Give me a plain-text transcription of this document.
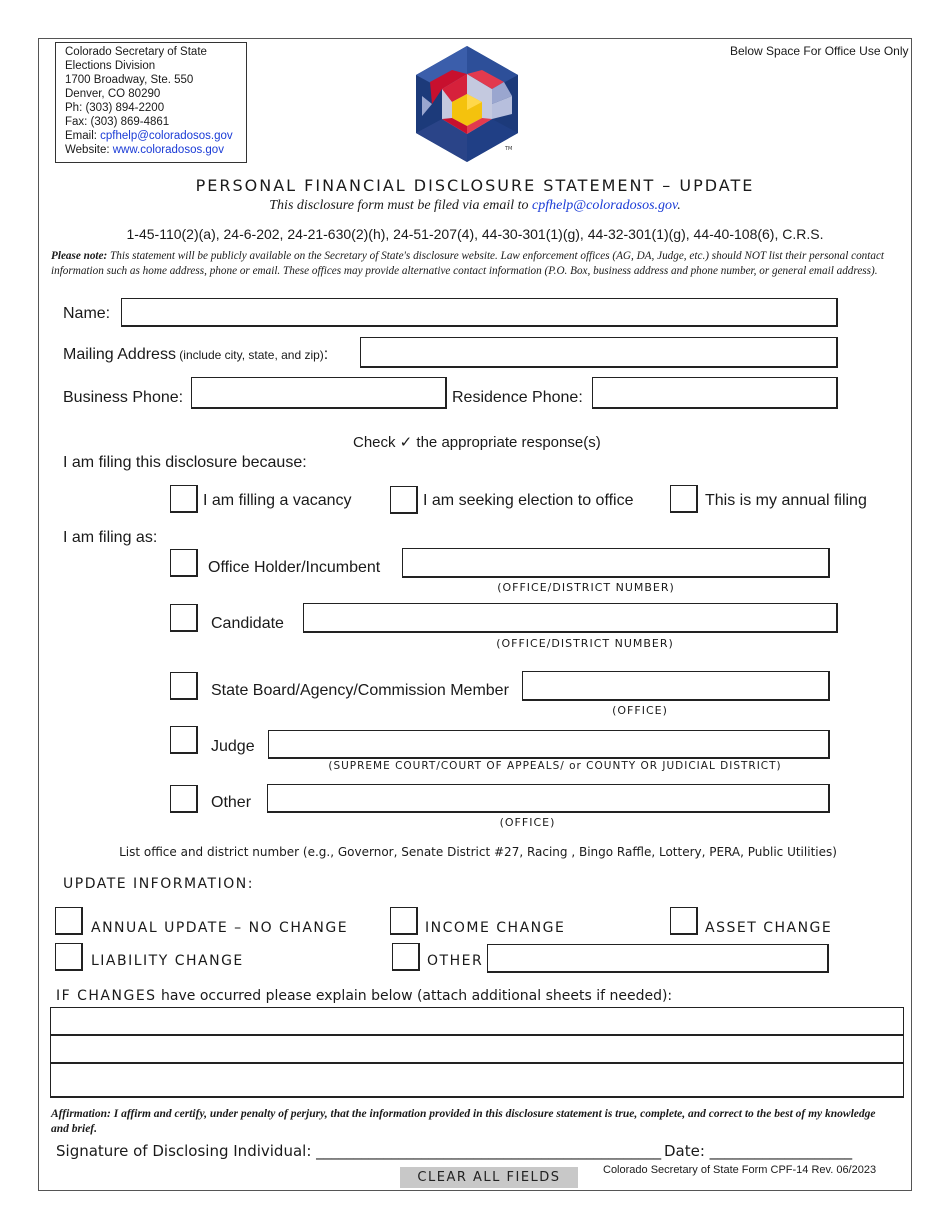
Colorado Secretary of State
Elections Division
1700 Broadway, Ste. 550
Denver, CO 80290
Ph: (303) 894-2200
Fax: (303) 869-4861
Email: cpfhelp@coloradosos.gov
Website: www.coloradosos.gov	TM
Below Space For Office Use Only
PERSONAL FINANCIAL DISCLOSURE STATEMENT – UPDATE
This disclosure form must be filed via email to cpfhelp@coloradosos.gov.
1-45-110(2)(a), 24-6-202, 24-21-630(2)(h), 24-51-207(4), 44-30-301(1)(g), 44-32-301(1)(g), 44-40-108(6), C.R.S.
Please note: This statement will be publicly available on the Secretary of State's disclosure website. Law enforcement offices (AG, DA, Judge, etc.) should NOT list their personal contact information such as home address, phone or email. These offices may provide alternative contact information (P.O. Box, business address and phone number, or general email address).
Name:
Mailing Address (include city, state, and zip):
Business Phone:	Residence Phone:
Check ✓ the appropriate response(s)
I am filing this disclosure because:
I am filling a vacancy	I am seeking election to office	This is my annual filing
I am filing as:
Office Holder/Incumbent
(OFFICE/DISTRICT NUMBER)
Candidate
(OFFICE/DISTRICT NUMBER)
State Board/Agency/Commission Member
(OFFICE)
Judge
(SUPREME COURT/COURT OF APPEALS/ or COUNTY OR JUDICIAL DISTRICT)
Other
(OFFICE)
List office and district number (e.g., Governor, Senate District #27, Racing , Bingo Raffle, Lottery, PERA, Public Utilities)
UPDATE INFORMATION:
ANNUAL UPDATE – NO CHANGE	INCOME CHANGE	ASSET CHANGE
LIABILITY CHANGE	OTHER
IF CHANGES have occurred please explain below (attach additional sheets if needed):
Affirmation: I affirm and certify, under penalty of perjury, that the information provided in this disclosure statement is true, complete, and correct to the best of my knowledge and brief.
Signature of Disclosing Individual: ______________________________________________ Date: ___________________
CLEAR ALL FIELDS	Colorado Secretary of State Form CPF-14 Rev. 06/2023
